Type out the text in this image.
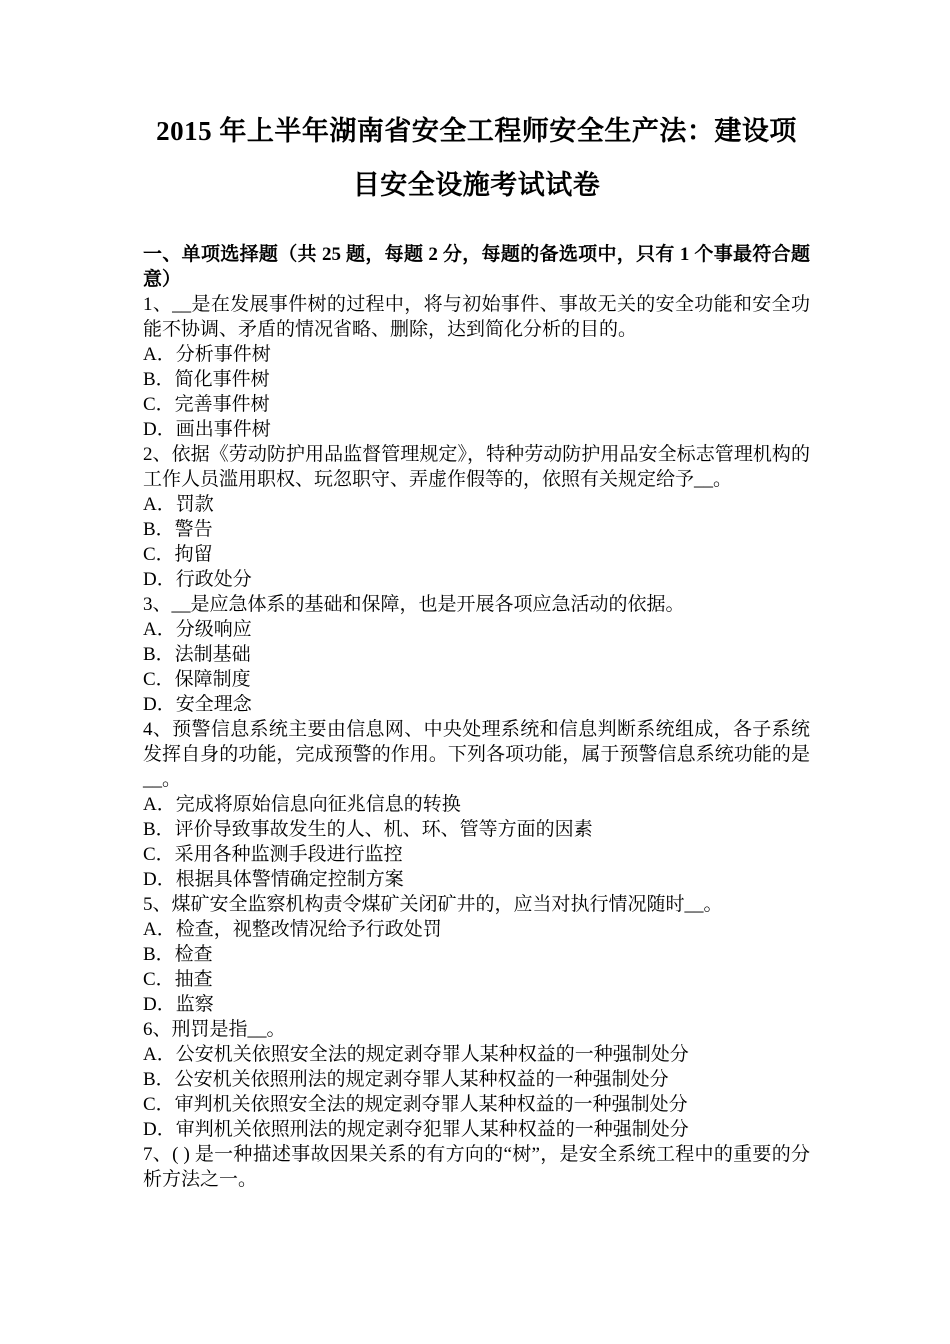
2015 年上半年湖南省安全工程师安全生产法：建设项目安全设施考试试卷
一、单项选择题（共 25 题，每题 2 分，每题的备选项中，只有 1 个事最符合题意）

1、__是在发展事件树的过程中，将与初始事件、事故无关的安全功能和安全功能不协调、矛盾的情况省略、删除，达到简化分析的目的。

A．分析事件树

B．简化事件树

C．完善事件树

D．画出事件树

2、依据《劳动防护用品监督管理规定》，特种劳动防护用品安全标志管理机构的工作人员滥用职权、玩忽职守、弄虚作假等的，依照有关规定给予__。

A．罚款

B．警告

C．拘留

D．行政处分

3、__是应急体系的基础和保障，也是开展各项应急活动的依据。

A．分级响应

B．法制基础

C．保障制度

D．安全理念

4、预警信息系统主要由信息网、中央处理系统和信息判断系统组成，各子系统发挥自身的功能，完成预警的作用。下列各项功能，属于预警信息系统功能的是__。

A．完成将原始信息向征兆信息的转换

B．评价导致事故发生的人、机、环、管等方面的因素

C．采用各种监测手段进行监控

D．根据具体警情确定控制方案

5、煤矿安全监察机构责令煤矿关闭矿井的，应当对执行情况随时__。

A．检查，视整改情况给予行政处罚

B．检查

C．抽查

D．监察

6、刑罚是指__。

A．公安机关依照安全法的规定剥夺罪人某种权益的一种强制处分

B．公安机关依照刑法的规定剥夺罪人某种权益的一种强制处分

C．审判机关依照安全法的规定剥夺罪人某种权益的一种强制处分

D．审判机关依照刑法的规定剥夺犯罪人某种权益的一种强制处分

7、( ) 是一种描述事故因果关系的有方向的“树”，是安全系统工程中的重要的分析方法之一。
